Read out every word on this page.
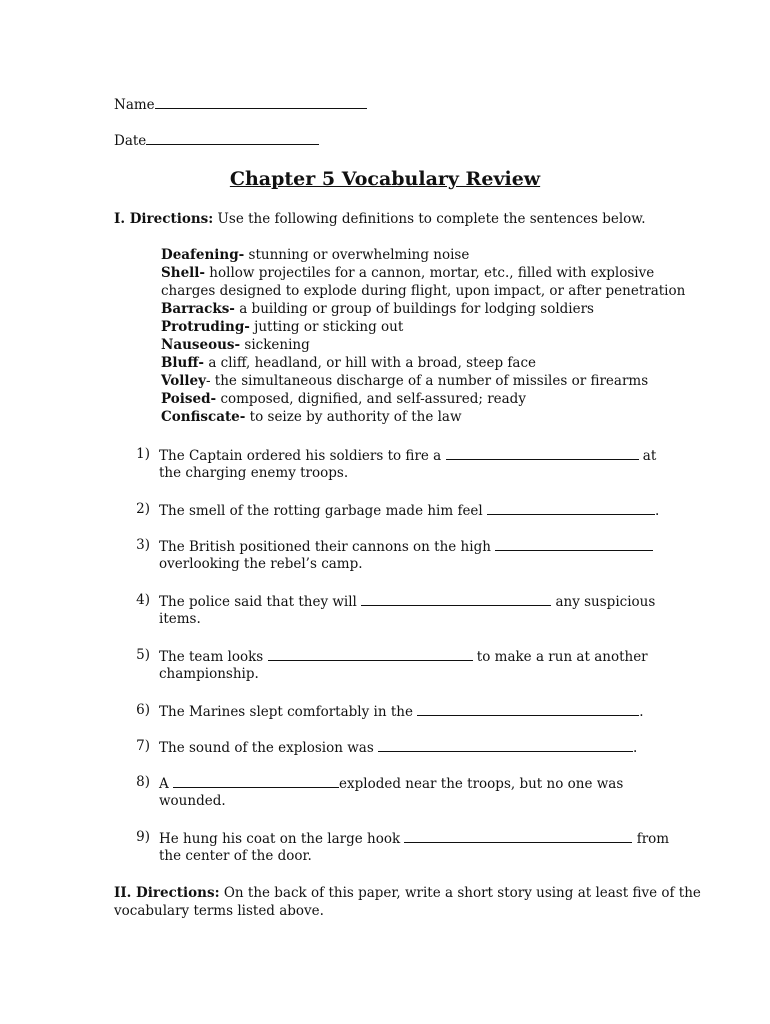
Name
Date
Chapter 5 Vocabulary Review
I. Directions: Use the following definitions to complete the sentences below.
Deafening- stunning or overwhelming noise
Shell- hollow projectiles for a cannon, mortar, etc., filled with explosive
charges designed to explode during flight, upon impact, or after penetration
Barracks- a building or group of buildings for lodging soldiers
Protruding- jutting or sticking out
Nauseous- sickening
Bluff- a cliff, headland, or hill with a broad, steep face
Volley- the simultaneous discharge of a number of missiles or firearms
Poised- composed, dignified, and self-assured; ready
Confiscate- to seize by authority of the law
1) The Captain ordered his soldiers to fire a	at
the charging enemy troops.
2) The smell of the rotting garbage made him feel	.
3) The British positioned their cannons on the high
overlooking the rebel’s camp.
4) The police said that they will	any suspicious
items.
5) The team looks	to make a run at another
championship.
6) The Marines slept comfortably in the	.
7) The sound of the explosion was	.
8) A	exploded near the troops, but no one was
wounded.
9) He hung his coat on the large hook	from
the center of the door.
II. Directions: On the back of this paper, write a short story using at least five of the
vocabulary terms listed above.
